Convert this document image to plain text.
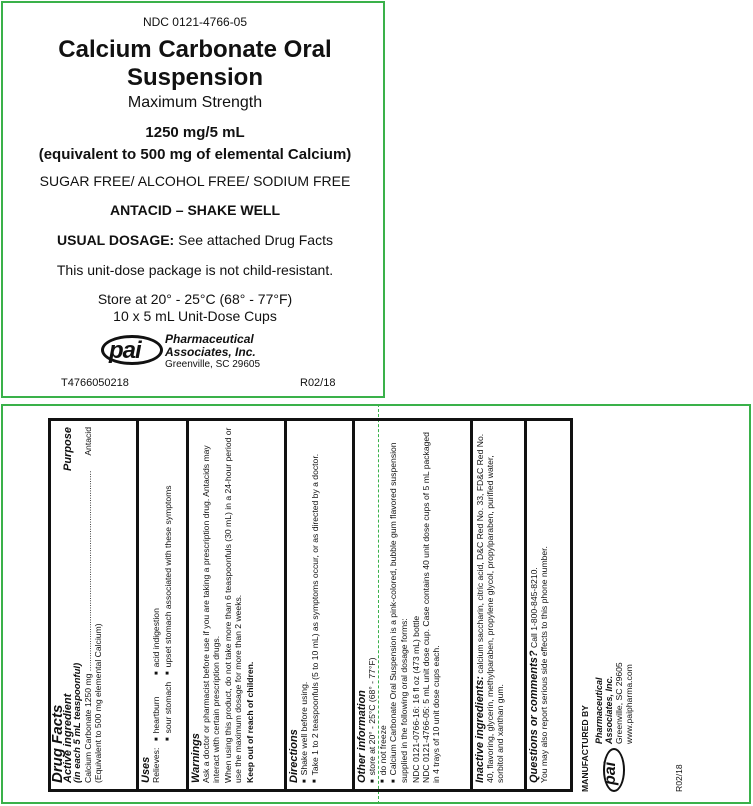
NDC 0121-4766-05
Calcium Carbonate Oral
Suspension
Maximum Strength
1250 mg/5 mL
(equivalent to 500 mg of elemental Calcium)
SUGAR FREE/ ALCOHOL FREE/ SODIUM FREE
ANTACID – SHAKE WELL
USUAL DOSAGE: See attached Drug Facts
This unit-dose package is not child-resistant.
Store at 20° - 25°C (68° - 77°F)
10 x 5 mL Unit-Dose Cups
pai Pharmaceutical
Associates, Inc.
Greenville, SC 29605
T4766050218	R02/18
Drug Facts
Active ingredient
Purpose
(in each 5 mL teaspoonful) Calcium Carbonate 1250 mg ....................................................................................
Antacid
(Equivalent to 500 mg elemental Calcium)	Uses Relieves:
■ heartburn
■ acid indigestion
■ sour stomach
■ upset stomach associated with these symptoms
Warnings Ask a doctor or pharmacist before use if you are taking a prescription drug. Antacids may interact with certain prescription drugs. When using this product, do not take more than 6 teaspoonfuls (30 mL) in a 24-hour period or use the maximum dosage for more than 2 weeks. Keep out of reach of children.	Directions ■ Shake well before using. ■ Take 1 to 2 teaspoonfuls (5 to 10 mL) as symptoms occur, or as directed by a doctor.	Other information ■ store at 20° - 25°C (68° - 77°F) ■ do not freeze ■ Calcium Carbonate Oral Suspension is a pink-colored, bubble gum flavored suspension supplied in the following oral dosage forms: NDC 0121-0766-16: 16 fl oz (473 mL) bottle NDC 0121-4766-05: 5 mL unit dose cup. Case contains 40 unit dose cups of 5 mL packaged in 4 trays of 10 unit dose cups each.	Inactive ingredients: calcium saccharin, citric acid, D&C Red No. 33, FD&C Red No. 40, flavoring, glycerin, methylparaben, propylene glycol, propylparaben, purified water, sorbitol and xanthan gum.	Questions or comments? Call 1-800-845-8210. You may also report serious side effects to this phone number.	MANUFACTURED BY pai
Pharmaceutical Associates, Inc. Greenville, SC 29605 www.paipharma.com
R02/18
